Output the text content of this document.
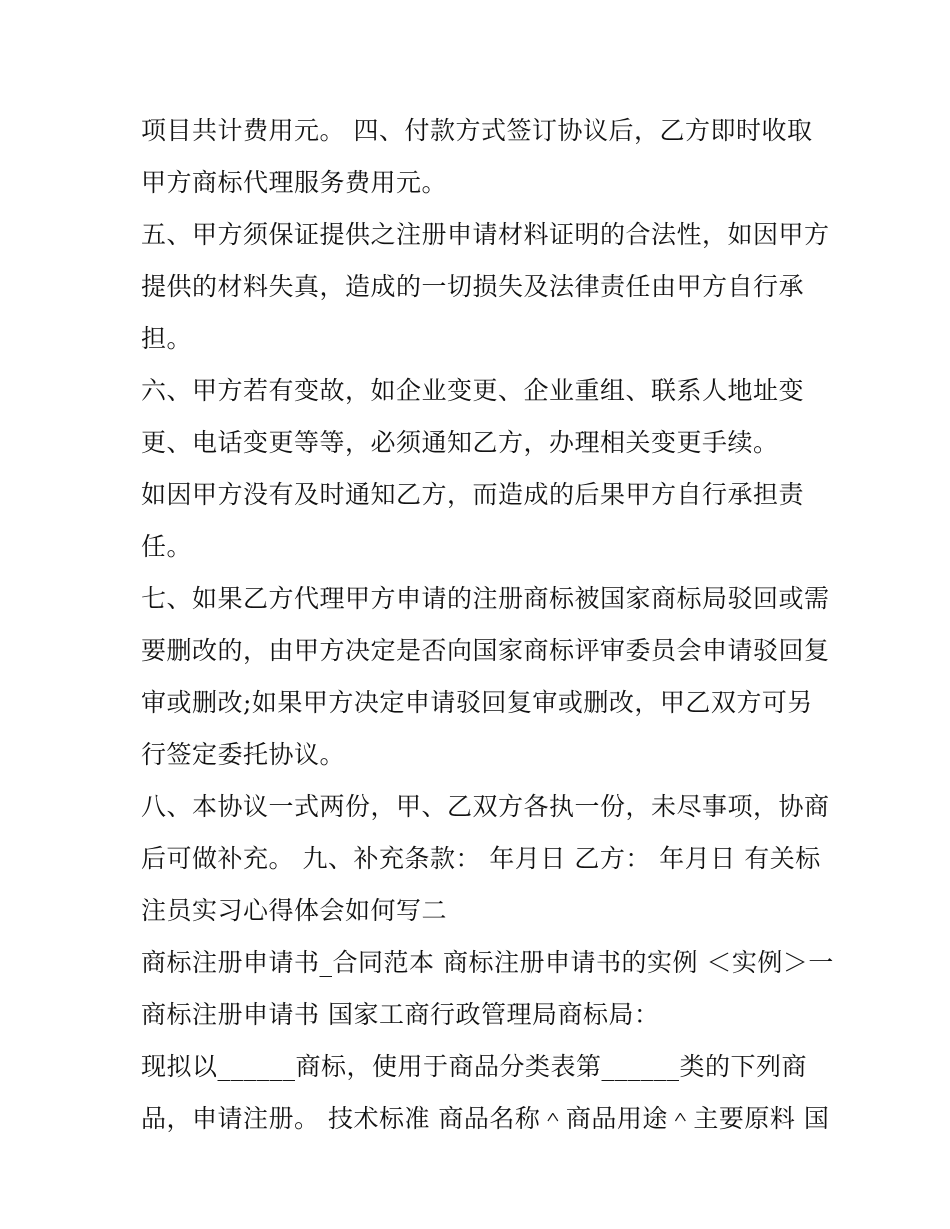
项目共计费用元。 四、付款方式签订协议后，乙方即时收取
甲方商标代理服务费用元。
五、甲方须保证提供之注册申请材料证明的合法性，如因甲方
提供的材料失真，造成的一切损失及法律责任由甲方自行承
担。
六、甲方若有变故，如企业变更、企业重组、联系人地址变
更、电话变更等等，必须通知乙方，办理相关变更手续。
如因甲方没有及时通知乙方，而造成的后果甲方自行承担责
任。
七、如果乙方代理甲方申请的注册商标被国家商标局驳回或需
要删改的，由甲方决定是否向国家商标评审委员会申请驳回复
审或删改;如果甲方决定申请驳回复审或删改，甲乙双方可另
行签定委托协议。
八、本协议一式两份，甲、乙双方各执一份，未尽事项，协商
后可做补充。 九、补充条款： 年月日 乙方： 年月日 有关标
注员实习心得体会如何写二
商标注册申请书_合同范本 商标注册申请书的实例 ＜实例＞一
商标注册申请书 国家工商行政管理局商标局：
现拟以______商标，使用于商品分类表第______类的下列商
品，申请注册。 技术标准 商品名称＾商品用途＾主要原料 国
